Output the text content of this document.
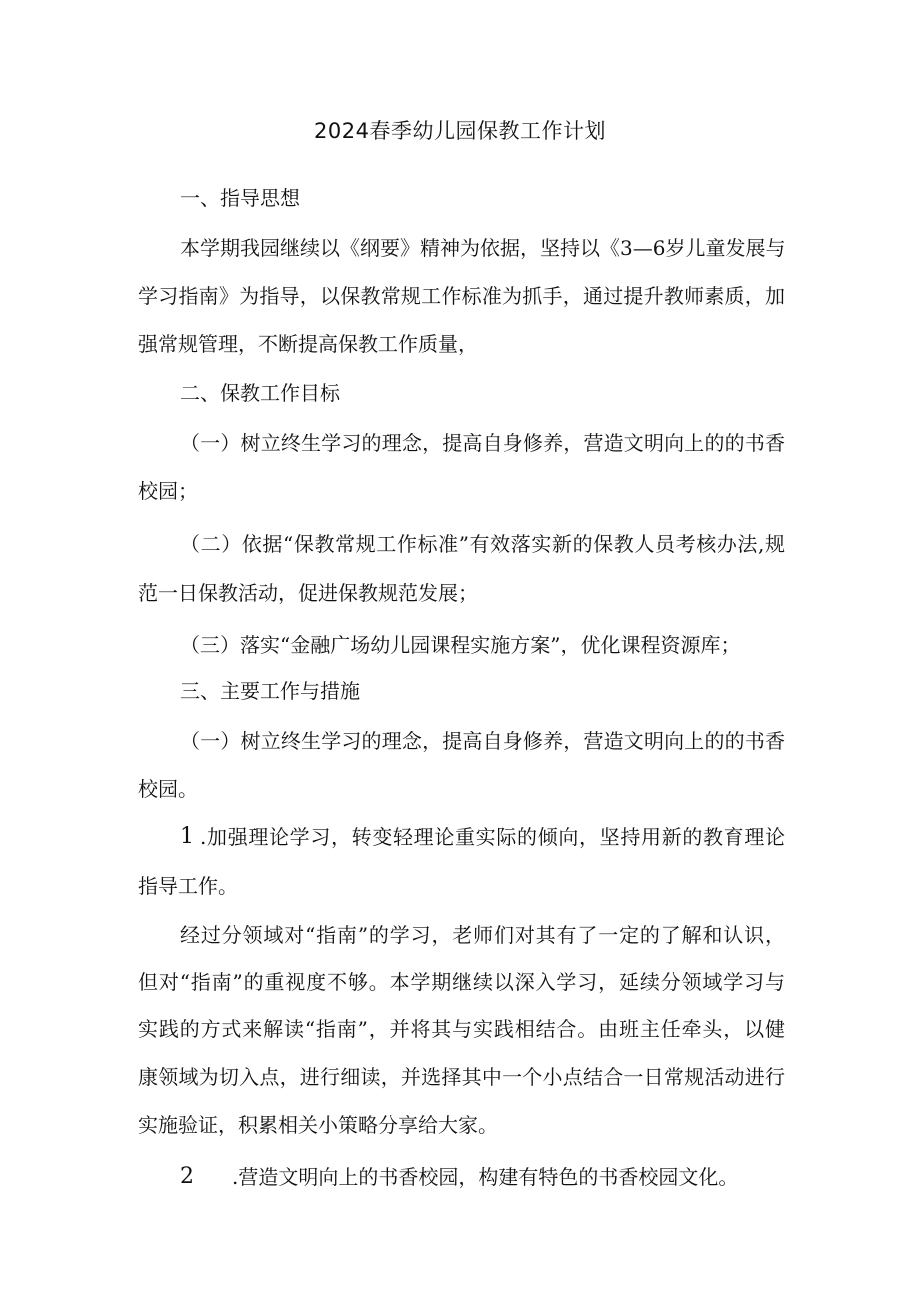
2024春季幼儿园保教工作计划
一、指导思想
本学期我园继续以《纲要》精神为依据，坚持以《3—6岁儿童发展与
学习指南》为指导，以保教常规工作标准为抓手，通过提升教师素质，加
强常规管理，不断提高保教工作质量，
二、保教工作目标
（一）树立终生学习的理念，提高自身修养，营造文明向上的的书香
校园；
（二）依据“保教常规工作标准”有效落实新的保教人员考核办法,规
范一日保教活动，促进保教规范发展；
（三）落实“金融广场幼儿园课程实施方案”，优化课程资源库；
三、主要工作与措施
（一）树立终生学习的理念，提高自身修养，营造文明向上的的书香
校园。
1 .加强理论学习，转变轻理论重实际的倾向，坚持用新的教育理论
指导工作。
经过分领域对“指南”的学习，老师们对其有了一定的了解和认识，
但对“指南”的重视度不够。本学期继续以深入学习，延续分领域学习与
实践的方式来解读“指南”，并将其与实践相结合。由班主任牵头，以健
康领域为切入点，进行细读，并选择其中一个小点结合一日常规活动进行
实施验证，积累相关小策略分享给大家。
2 .营造文明向上的书香校园，构建有特色的书香校园文化。
